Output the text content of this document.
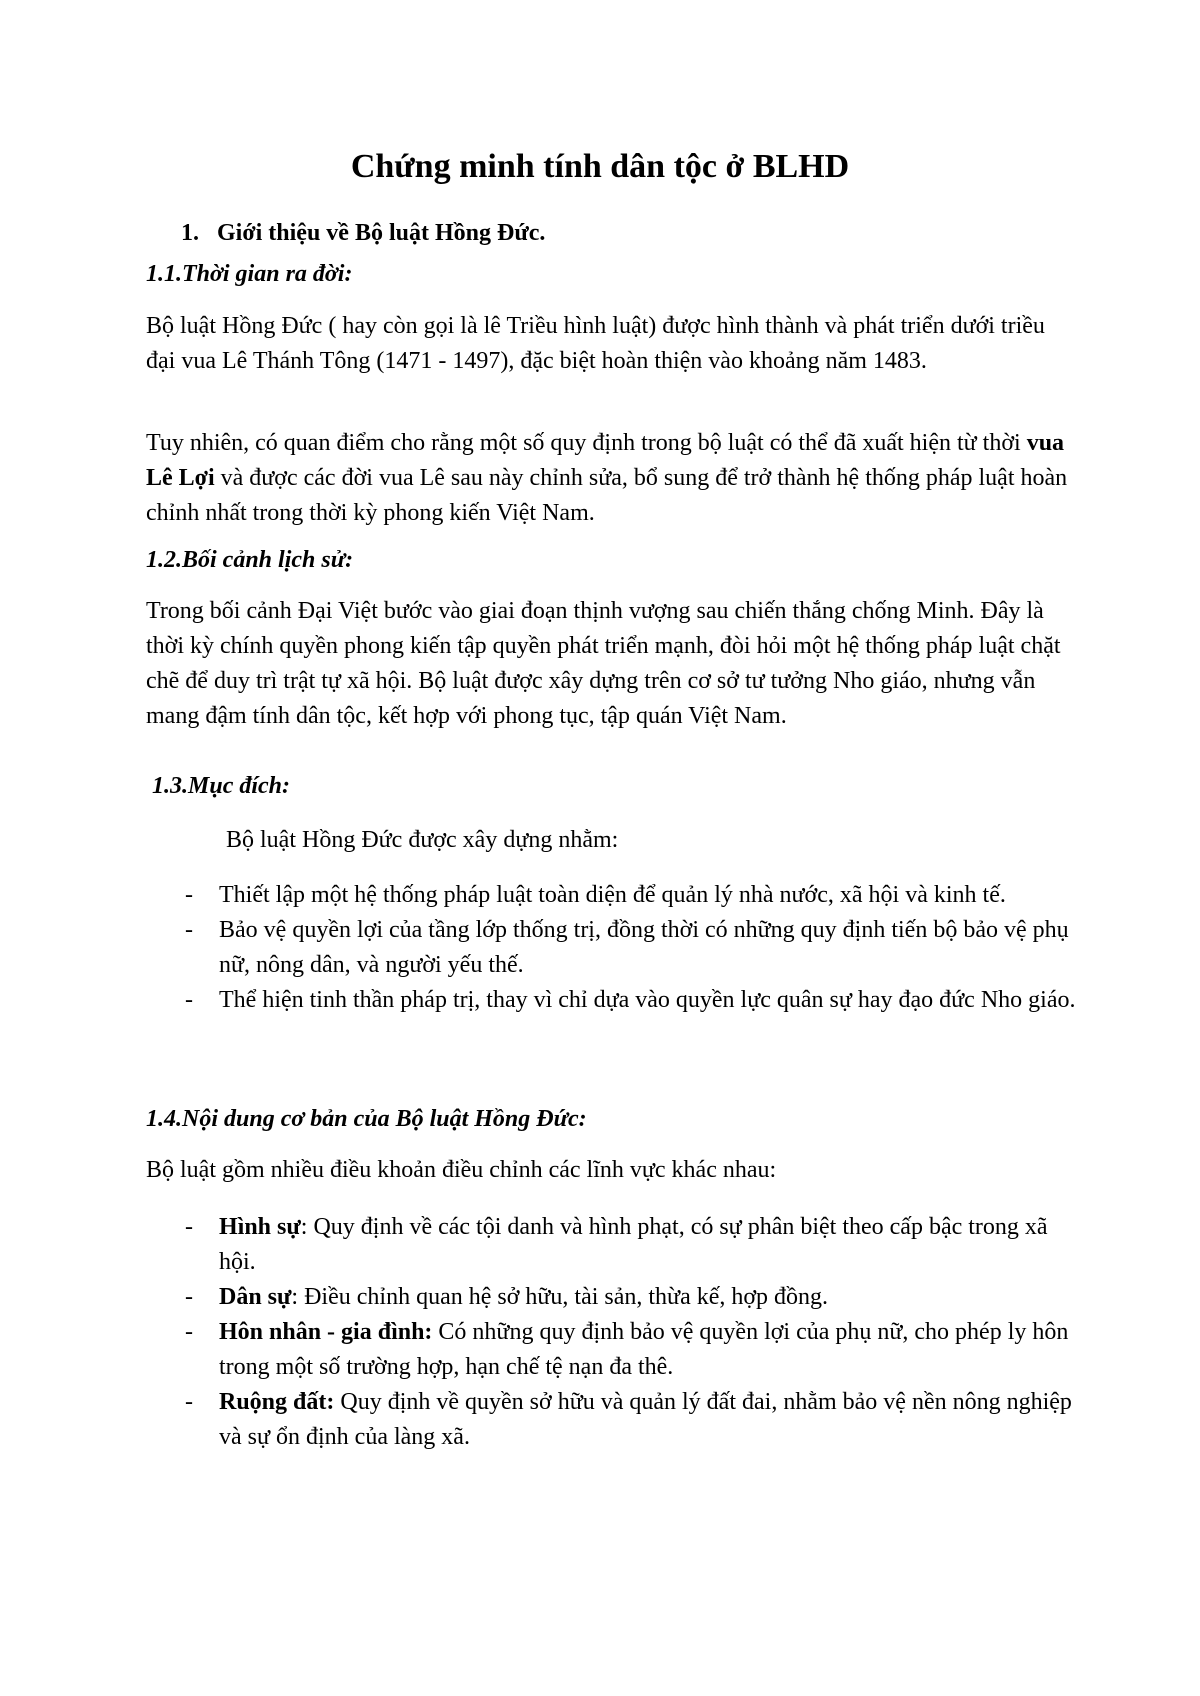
Chứng minh tính dân tộc ở BLHD
1. Giới thiệu về Bộ luật Hồng Đức.
1.1.Thời gian ra đời:

Bộ luật Hồng Đức ( hay còn gọi là lê Triều hình luật) được hình thành và phát triển dưới triều đại vua Lê Thánh Tông (1471 - 1497), đặc biệt hoàn thiện vào khoảng năm 1483.

Tuy nhiên, có quan điểm cho rằng một số quy định trong bộ luật có thể đã xuất hiện từ thời vua Lê Lợi và được các đời vua Lê sau này chỉnh sửa, bổ sung để trở thành hệ thống pháp luật hoàn chỉnh nhất trong thời kỳ phong kiến Việt Nam.

1.2.Bối cảnh lịch sử:

Trong bối cảnh Đại Việt bước vào giai đoạn thịnh vượng sau chiến thắng chống Minh. Đây là thời kỳ chính quyền phong kiến tập quyền phát triển mạnh, đòi hỏi một hệ thống pháp luật chặt chẽ để duy trì trật tự xã hội. Bộ luật được xây dựng trên cơ sở tư tưởng Nho giáo, nhưng vẫn mang đậm tính dân tộc, kết hợp với phong tục, tập quán Việt Nam.

1.3.Mục đích:

Bộ luật Hồng Đức được xây dựng nhằm:

- Thiết lập một hệ thống pháp luật toàn diện để quản lý nhà nước, xã hội và kinh tế.
- Bảo vệ quyền lợi của tầng lớp thống trị, đồng thời có những quy định tiến bộ bảo vệ phụ nữ, nông dân, và người yếu thế.
- Thể hiện tinh thần pháp trị, thay vì chỉ dựa vào quyền lực quân sự hay đạo đức Nho giáo.
1.4.Nội dung cơ bản của Bộ luật Hồng Đức:

Bộ luật gồm nhiều điều khoản điều chỉnh các lĩnh vực khác nhau:

- Hình sự: Quy định về các tội danh và hình phạt, có sự phân biệt theo cấp bậc trong xã hội.
- Dân sự: Điều chỉnh quan hệ sở hữu, tài sản, thừa kế, hợp đồng.
- Hôn nhân - gia đình: Có những quy định bảo vệ quyền lợi của phụ nữ, cho phép ly hôn trong một số trường hợp, hạn chế tệ nạn đa thê.
- Ruộng đất: Quy định về quyền sở hữu và quản lý đất đai, nhằm bảo vệ nền nông nghiệp và sự ổn định của làng xã.
